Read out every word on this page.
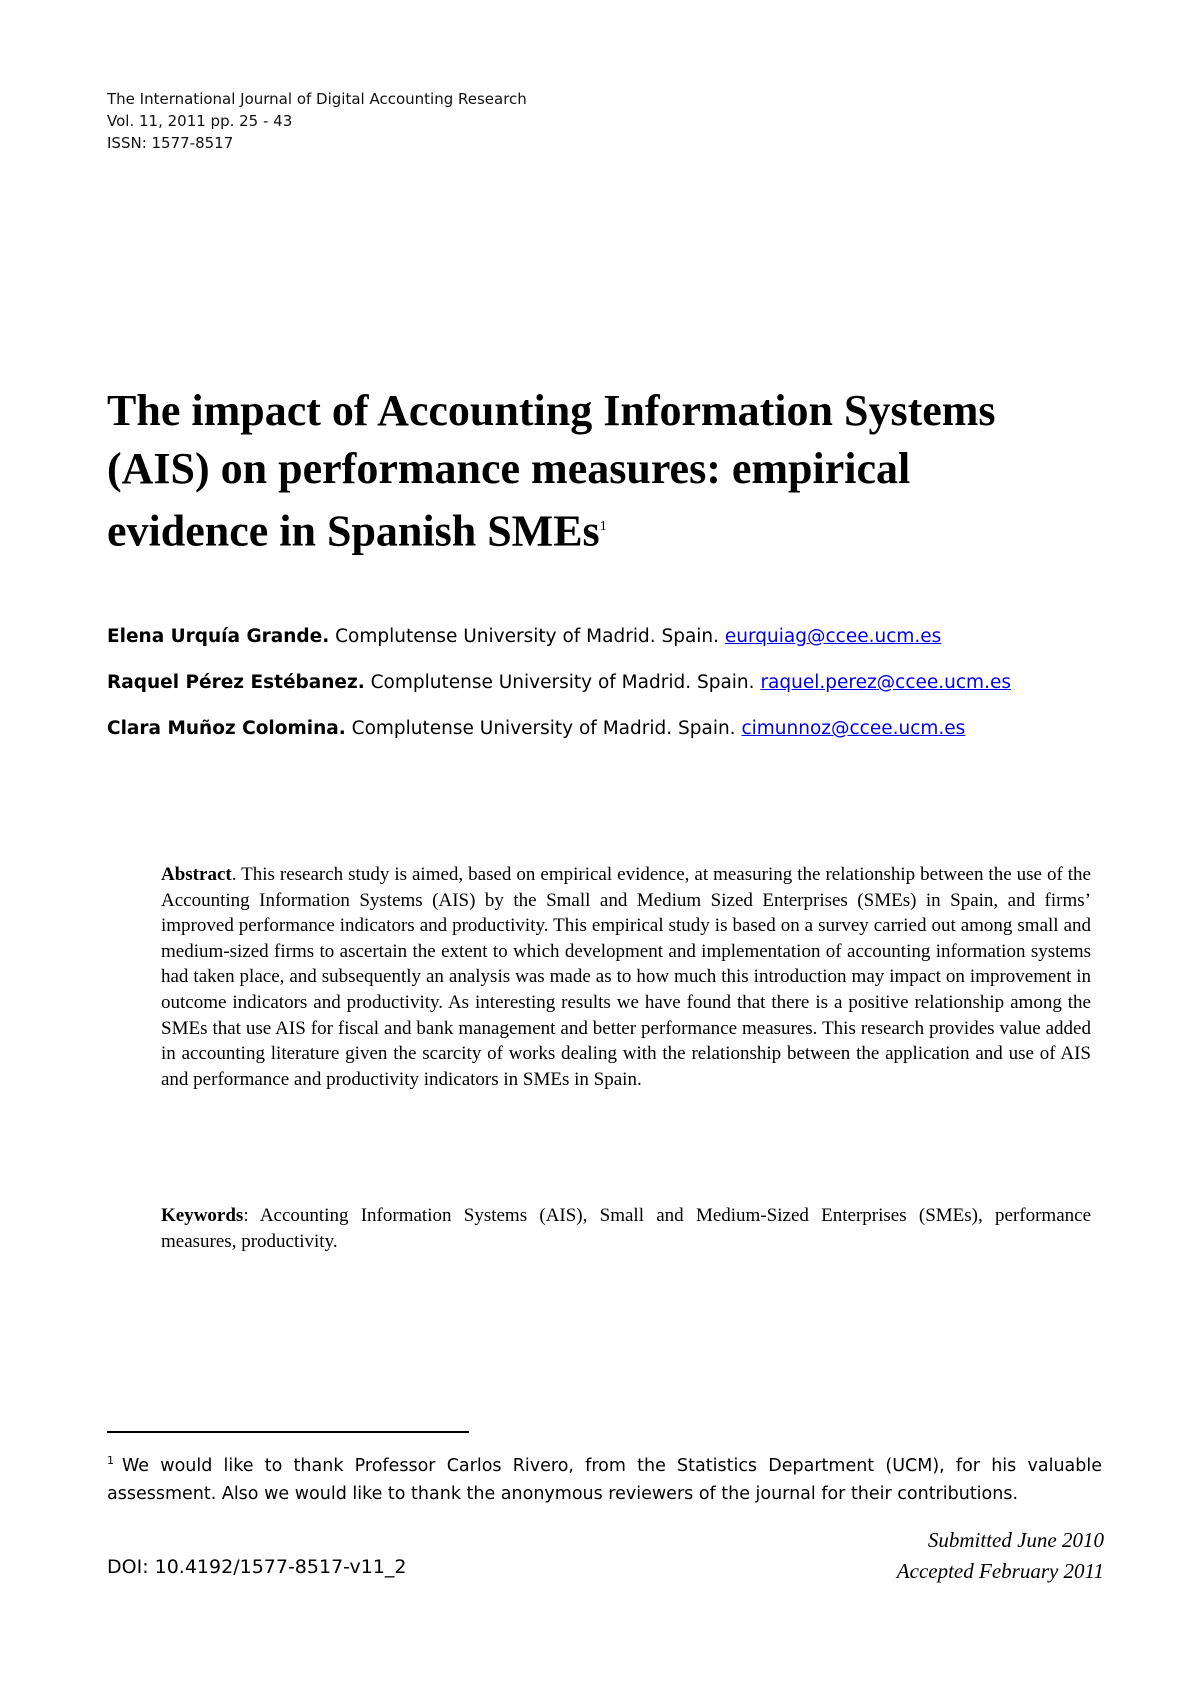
The International Journal of Digital Accounting Research
Vol. 11, 2011 pp. 25 - 43
ISSN: 1577-8517
The impact of Accounting Information Systems (AIS) on performance measures: empirical evidence in Spanish SMEs$^1$
Elena Urquía Grande. Complutense University of Madrid. Spain. eurquiag@ccee.ucm.es
Raquel Pérez Estébanez. Complutense University of Madrid. Spain. raquel.perez@ccee.ucm.es
Clara Muñoz Colomina. Complutense University of Madrid. Spain. cimunnoz@ccee.ucm.es
Abstract. This research study is aimed, based on empirical evidence, at measuring the relationship between the use of the Accounting Information Systems (AIS) by the Small and Medium Sized Enterprises (SMEs) in Spain, and firms’ improved performance indicators and productivity. This empirical study is based on a survey carried out among small and medium-sized firms to ascertain the extent to which development and implementation of accounting information systems had taken place, and subsequently an analysis was made as to how much this introduction may impact on improvement in outcome indicators and productivity. As interesting results we have found that there is a positive relationship among the SMEs that use AIS for fiscal and bank management and better performance measures. This research provides value added in accounting literature given the scarcity of works dealing with the relationship between the application and use of AIS and performance and productivity indicators in SMEs in Spain.
Keywords: Accounting Information Systems (AIS), Small and Medium-Sized Enterprises (SMEs), performance measures, productivity.
$^1$ We would like to thank Professor Carlos Rivero, from the Statistics Department (UCM), for his valuable assessment. Also we would like to thank the anonymous reviewers of the journal for their contributions.
Submitted June 2010
Accepted February 2011
DOI: 10.4192/1577-8517-v11_2
